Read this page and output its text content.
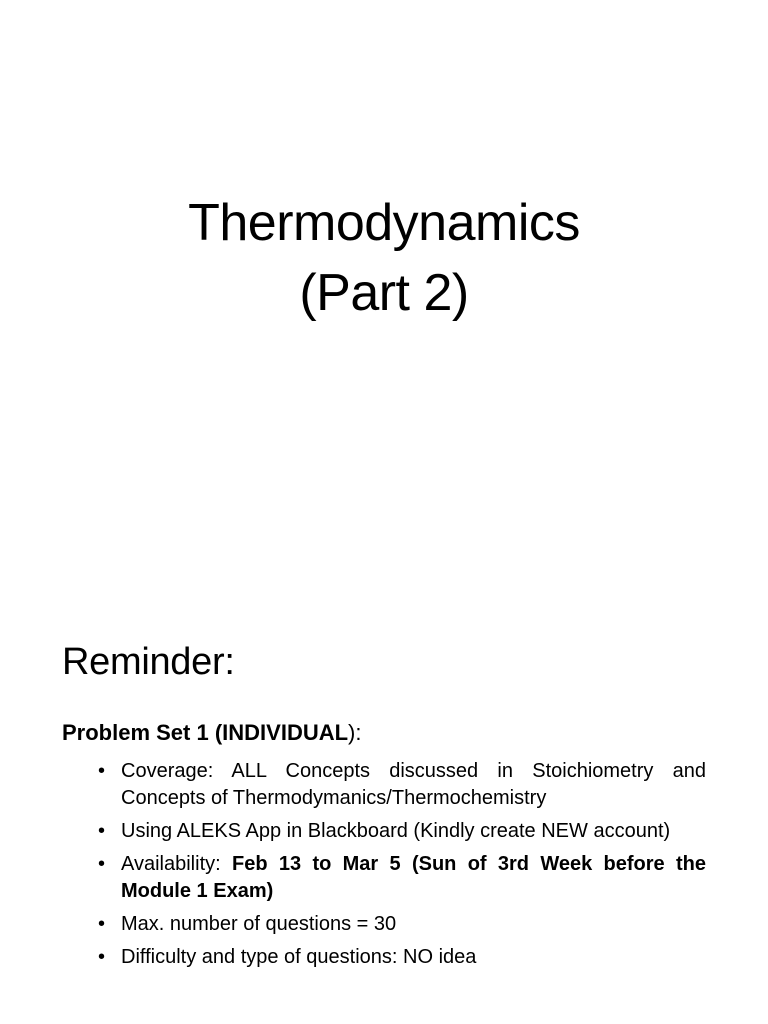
Thermodynamics
(Part 2)
Reminder:
Problem Set 1 (INDIVIDUAL):
• Coverage: ALL Concepts discussed in Stoichiometry and Concepts of Thermodymanics/Thermochemistry
• Using ALEKS App in Blackboard (Kindly create NEW account)
• Availability: Feb 13 to Mar 5 (Sun of 3rd Week before the Module 1 Exam)
• Max. number of questions = 30
• Difficulty and type of questions: NO idea
